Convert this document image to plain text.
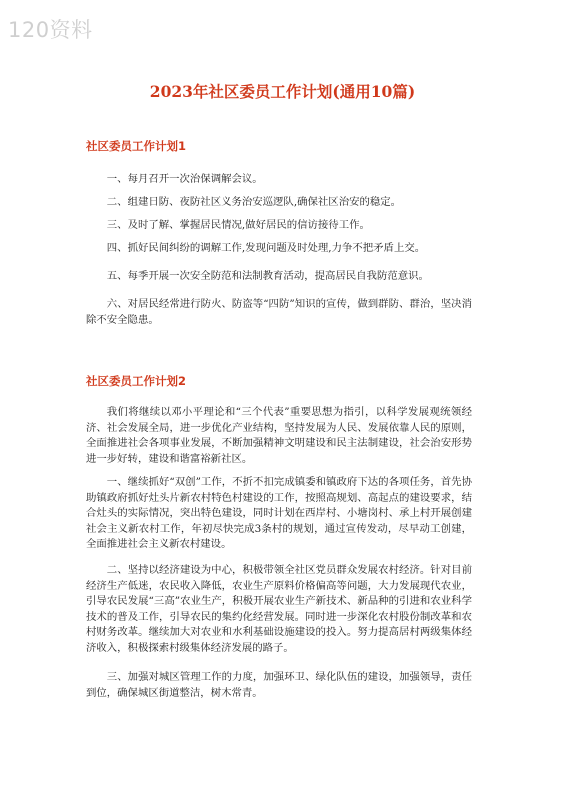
120资料
2023年社区委员工作计划(通用10篇)
社区委员工作计划1

一、每月召开一次治保调解会议。

二、组建日防、夜防社区义务治安巡逻队,确保社区治安的稳定。

三、及时了解、掌握居民情况,做好居民的信访接待工作。

四、抓好民间纠纷的调解工作,发现问题及时处理,力争不把矛盾上交。

五、每季开展一次安全防范和法制教育活动，提高居民自我防范意识。

六、对居民经常进行防火、防盗等“四防”知识的宣传，做到群防、群治，坚决消除不安全隐患。

社区委员工作计划2

我们将继续以邓小平理论和“三个代表”重要思想为指引，以科学发展观统领经济、社会发展全局，进一步优化产业结构，坚持发展为人民、发展依靠人民的原则，全面推进社会各项事业发展，不断加强精神文明建设和民主法制建设，社会治安形势进一步好转，建设和谐富裕新社区。

一、继续抓好“双创”工作，不折不扣完成镇委和镇政府下达的各项任务，首先协助镇政府抓好灶头片新农村特色村建设的工作，按照高规划、高起点的建设要求，结合灶头的实际情况，突出特色建设，同时计划在西岸村、小塘岗村、承上村开展创建社会主义新农村工作，年初尽快完成3条村的规划，通过宣传发动，尽早动工创建，全面推进社会主义新农村建设。

二、坚持以经济建设为中心，积极带领全社区党员群众发展农村经济。针对目前经济生产低迷，农民收入降低，农业生产原料价格偏高等问题，大力发展现代农业，引导农民发展“三高”农业生产，积极开展农业生产新技术、新品种的引进和农业科学技术的普及工作，引导农民的集约化经营发展。同时进一步深化农村股份制改革和农村财务改革。继续加大对农业和水利基础设施建设的投入。努力提高居村两级集体经济收入，积极探索村级集体经济发展的路子。

三、加强对城区管理工作的力度，加强环卫、绿化队伍的建设，加强领导，责任到位，确保城区街道整洁，树木常青。
